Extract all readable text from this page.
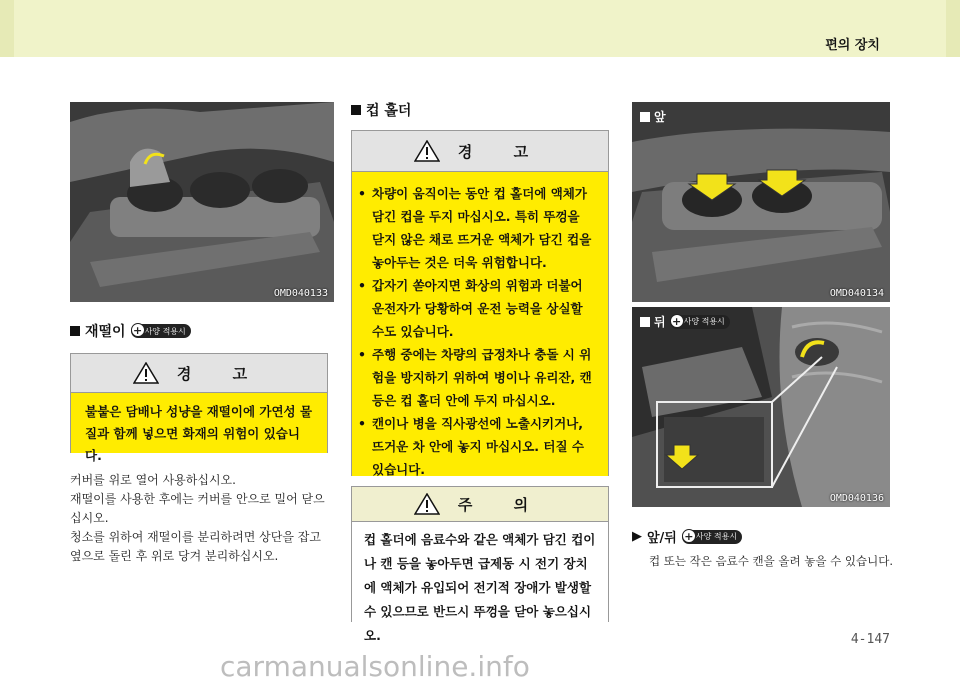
편의 장치
OMD040133
재떨이 + 사양 적용시
경 고
불붙은 담배나 성냥을 재떨이에 가연성 물질과 함께 넣으면 화재의 위험이 있습니다.
커버를 위로 열어 사용하십시오.
재떨이를 사용한 후에는 커버를 안으로 밀어 닫으십시오.
청소를 위하여 재떨이를 분리하려면 상단을 잡고 옆으로 돌린 후 위로 당겨 분리하십시오.
컵 홀더
경 고
• 차량이 움직이는 동안 컵 홀더에 액체가 담긴 컵을 두지 마십시오. 특히 뚜껑을 닫지 않은 채로 뜨거운 액체가 담긴 컵을 놓아두는 것은 더욱 위험합니다.
• 갑자기 쏟아지면 화상의 위험과 더불어 운전자가 당황하여 운전 능력을 상실할 수도 있습니다.
• 주행 중에는 차량의 급정차나 충돌 시 위험을 방지하기 위하여 병이나 유리잔, 캔 등은 컵 홀더 안에 두지 마십시오.
• 캔이나 병을 직사광선에 노출시키거나, 뜨거운 차 안에 놓지 마십시오. 터질 수 있습니다.
주 의
컵 홀더에 음료수와 같은 액체가 담긴 컵이나 캔 등을 놓아두면 급제동 시 전기 장치에 액체가 유입되어 전기적 장애가 발생할 수 있으므로 반드시 뚜껑을 닫아 놓으십시오.
앞
OMD040134
뒤 + 사양 적용시
OMD040136
▶ 앞/뒤 + 사양 적용시
컵 또는 작은 음료수 캔을 올려 놓을 수 있습니다.
4-147
carmanualsonline.info
